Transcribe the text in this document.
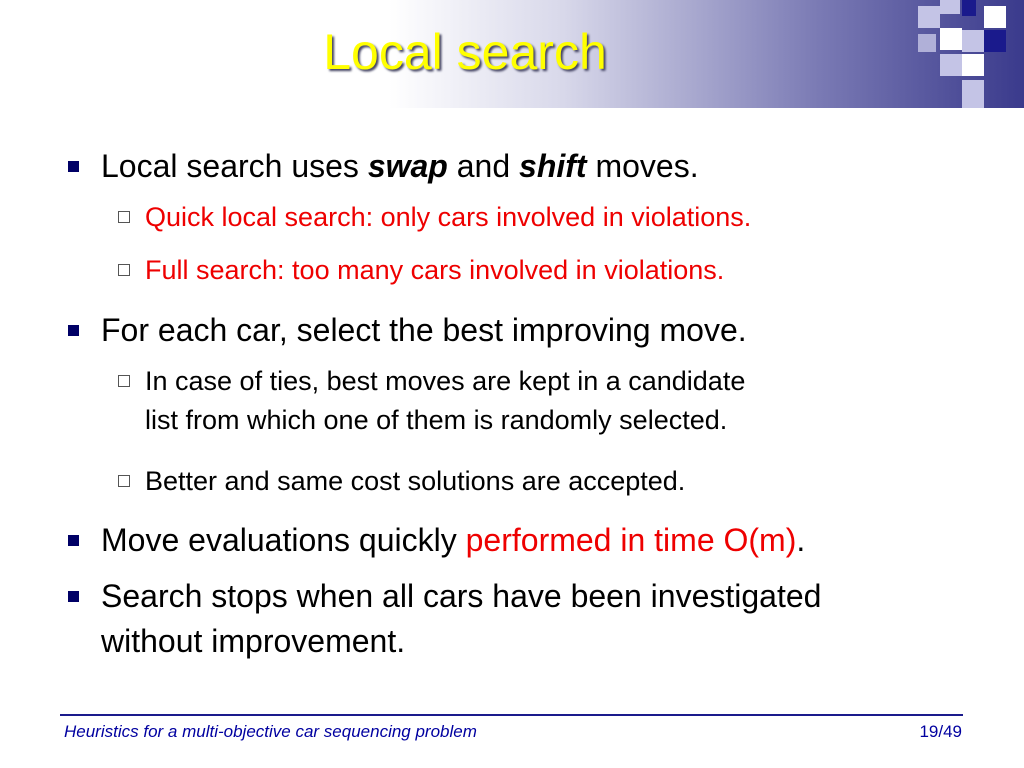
Local search
Local search uses swap and shift moves.
Quick local search: only cars involved in violations.
Full search: too many cars involved in violations.
For each car, select the best improving move.
In case of ties, best moves are kept in a candidate
list from which one of them is randomly selected.
Better and same cost solutions are accepted.
Move evaluations quickly performed in time O(m).
Search stops when all cars have been investigated
without improvement.
Heuristics for a multi-objective car sequencing problem	19/49
